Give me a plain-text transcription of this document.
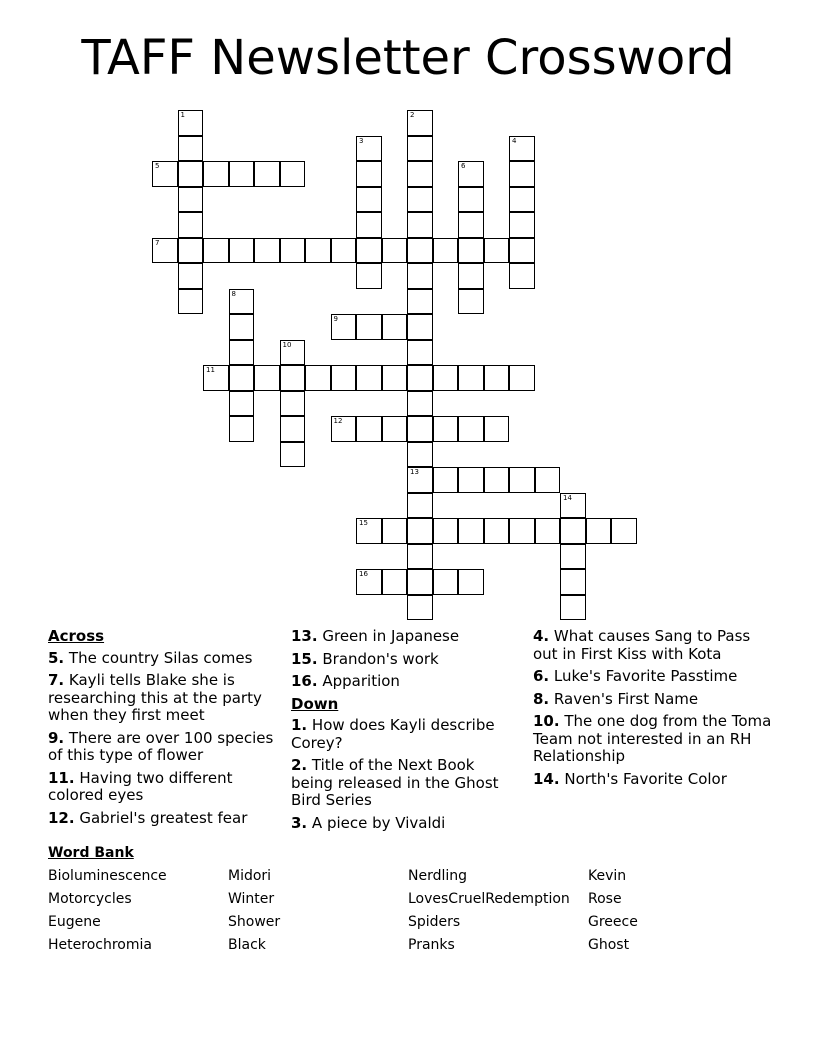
TAFF Newsletter Crossword
1	2
13
3	4
5	6
7
8
9
10
11
12
14
15
16
Across
5. The country Silas comes
7. Kayli tells Blake she is researching this at the party when they first meet
9. There are over 100 species of this type of flower
11. Having two different colored eyes
12. Gabriel's greatest fear
13. Green in Japanese
15. Brandon's work
16. Apparition
Down
1. How does Kayli describe Corey?
2. Title of the Next Book being released in the Ghost Bird Series
3. A piece by Vivaldi
4. What causes Sang to Pass out in First Kiss with Kota
6. Luke's Favorite Passtime
8. Raven's First Name
10. The one dog from the Toma Team not interested in an RH Relationship
14. North's Favorite Color
Word Bank
Bioluminescence
Motorcycles
Eugene
Heterochromia
Midori
Winter
Shower
Black
Nerdling
LovesCruelRedemption
Spiders
Pranks
Kevin
Rose
Greece
Ghost
